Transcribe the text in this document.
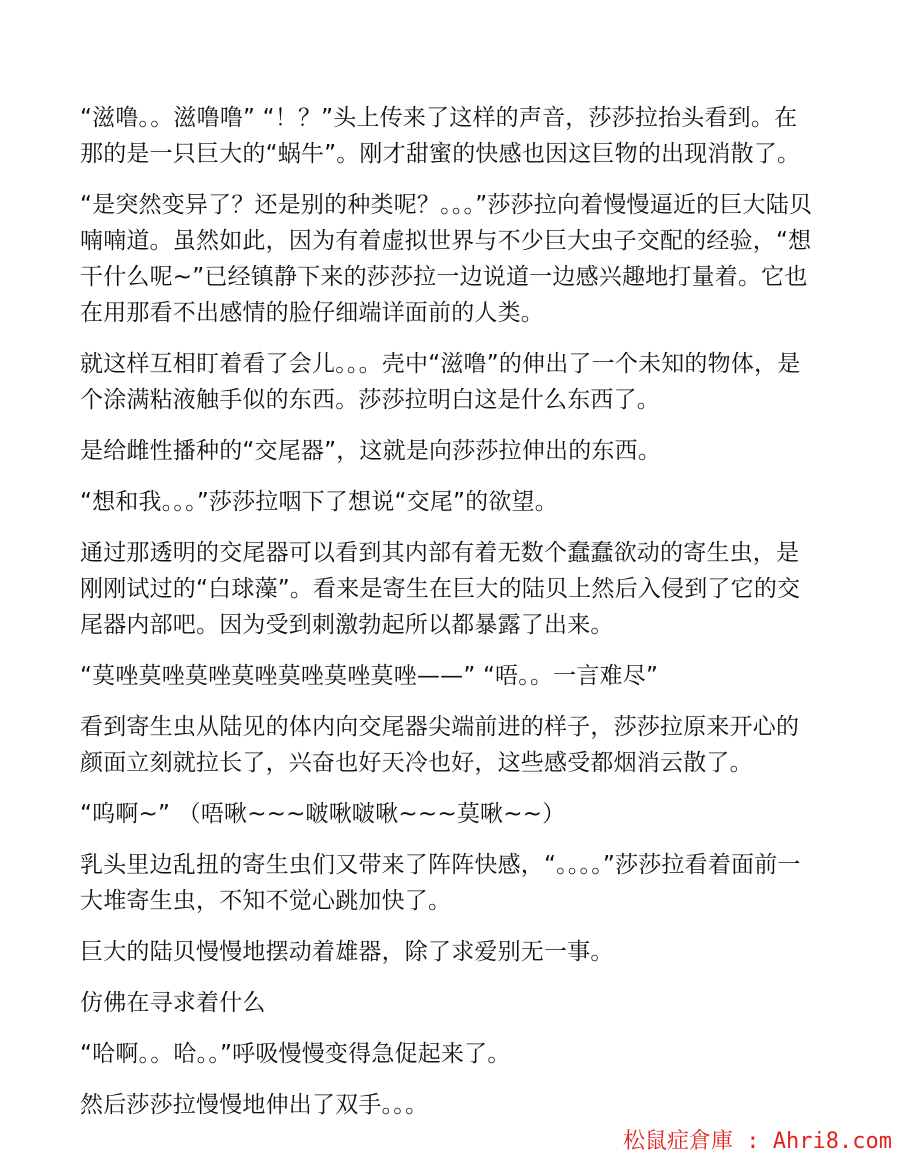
“滋噜。。滋噜噜” “！？”头上传来了这样的声音，莎莎拉抬头看到。在那的是一只巨大的“蜗牛”。刚才甜蜜的快感也因这巨物的出现消散了。

“是突然变异了？还是别的种类呢？。。。”莎莎拉向着慢慢逼近的巨大陆贝喃喃道。虽然如此，因为有着虚拟世界与不少巨大虫子交配的经验，“想干什么呢~”已经镇静下来的莎莎拉一边说道一边感兴趣地打量着。它也在用那看不出感情的脸仔细端详面前的人类。

就这样互相盯着看了会儿。。。壳中“滋噜”的伸出了一个未知的物体，是个涂满粘液触手似的东西。莎莎拉明白这是什么东西了。

是给雌性播种的“交尾器”，这就是向莎莎拉伸出的东西。

“想和我。。。”莎莎拉咽下了想说“交尾”的欲望。

通过那透明的交尾器可以看到其内部有着无数个蠢蠢欲动的寄生虫，是刚刚试过的“白球藻”。看来是寄生在巨大的陆贝上然后入侵到了它的交尾器内部吧。因为受到刺激勃起所以都暴露了出来。

“莫唑莫唑莫唑莫唑莫唑莫唑莫唑——” “唔。。一言难尽”

看到寄生虫从陆见的体内向交尾器尖端前进的样子，莎莎拉原来开心的颜面立刻就拉长了，兴奋也好天冷也好，这些感受都烟消云散了。

“呜啊~” （唔啾~~~啵啾啵啾~~~莫啾~~）

乳头里边乱扭的寄生虫们又带来了阵阵快感，“。。。。”莎莎拉看着面前一大堆寄生虫，不知不觉心跳加快了。

巨大的陆贝慢慢地摆动着雄器，除了求爱别无一事。

仿佛在寻求着什么

“哈啊。。哈。。”呼吸慢慢变得急促起来了。

然后莎莎拉慢慢地伸出了双手。。。

松鼠症倉庫 : Ahri8.com
